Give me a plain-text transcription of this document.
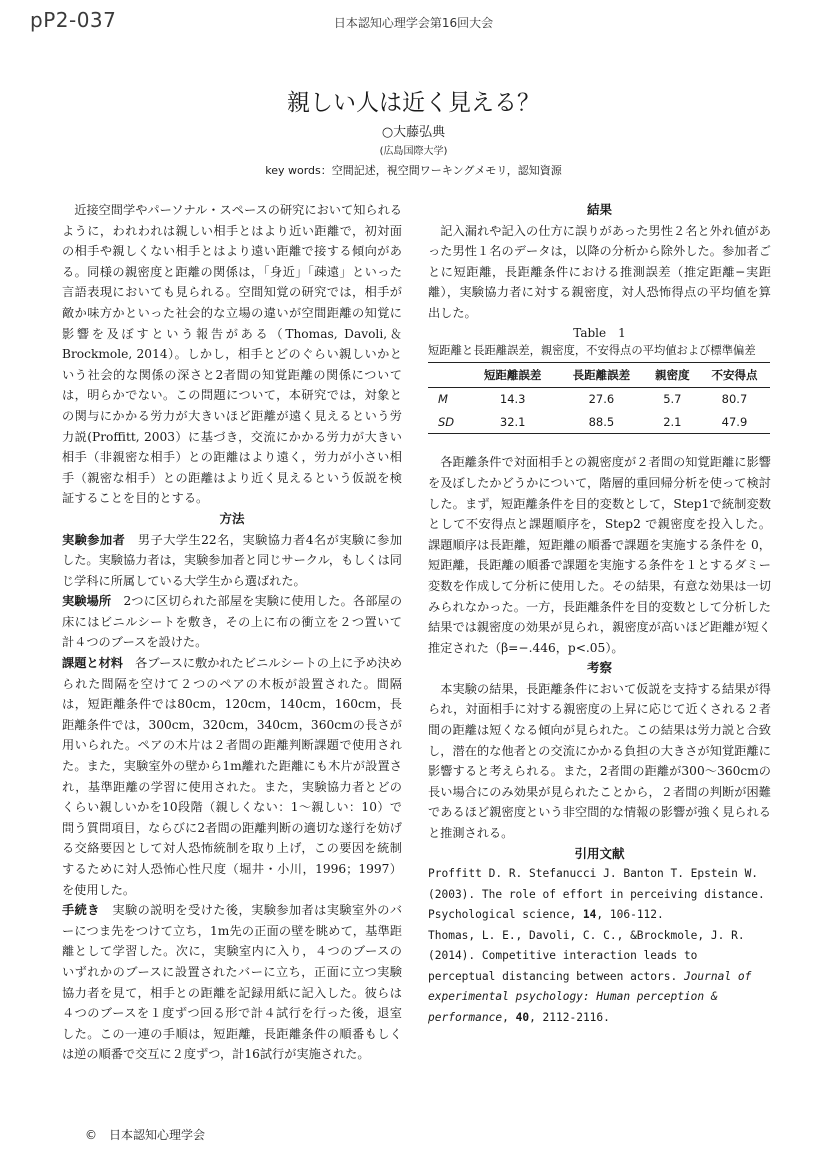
pP2-037	日本認知心理学会第16回大会
親しい人は近く見える？
○大藤弘典
(広島国際大学)
key words：空間記述，視空間ワーキングメモリ，認知資源

近接空間学やパーソナル・スペースの研究において知られるように，われわれは親しい相手とはより近い距離で，初対面の相手や親しくない相手とはより遠い距離で接する傾向がある。同様の親密度と距離の関係は，「身近」「疎遠」といった言語表現においても見られる。空間知覚の研究では，相手が敵か味方かといった社会的な立場の違いが空間距離の知覚に影響を及ぼすという報告がある（Thomas, Davoli,＆Brockmole, 2014）。しかし，相手とどのぐらい親しいかという社会的な関係の深さと2者間の知覚距離の関係については，明らかでない。この問題について，本研究では，対象との関与にかかる労力が大きいほど距離が遠く見えるという労力説(Proffitt, 2003）に基づき，交流にかかる労力が大きい相手（非親密な相手）との距離はより遠く，労力が小さい相手（親密な相手）との距離はより近く見えるという仮説を検証することを目的とする。

方法

実験参加者　男子大学生22名，実験協力者4名が実験に参加した。実験協力者は，実験参加者と同じサークル，もしくは同じ学科に所属している大学生から選ばれた。

実験場所　2つに区切られた部屋を実験に使用した。各部屋の床にはビニルシートを敷き，その上に布の衝立を２つ置いて計４つのブースを設けた。

課題と材料　各ブースに敷かれたビニルシートの上に予め決められた間隔を空けて２つのペアの木板が設置された。間隔は，短距離条件では80cm，120cm，140cm，160cm，長距離条件では，300cm，320cm，340cm，360cmの長さが用いられた。ペアの木片は２者間の距離判断課題で使用された。また，実験室外の壁から1m離れた距離にも木片が設置され，基準距離の学習に使用された。また，実験協力者とどのくらい親しいかを10段階（親しくない：1～親しい：10）で問う質問項目，ならびに2者間の距離判断の適切な遂行を妨げる交絡要因として対人恐怖統制を取り上げ，この要因を統制するために対人恐怖心性尺度（堀井・小川，1996；1997）を使用した。

手続き　実験の説明を受けた後，実験参加者は実験室外のバーにつま先をつけて立ち，1m先の正面の壁を眺めて，基準距離として学習した。次に，実験室内に入り，４つのブースのいずれかのブースに設置されたバーに立ち，正面に立つ実験協力者を見て，相手との距離を記録用紙に記入した。彼らは４つのブースを１度ずつ回る形で計４試行を行った後，退室した。この一連の手順は，短距離，長距離条件の順番もしくは逆の順番で交互に２度ずつ，計16試行が実施された。

結果

記入漏れや記入の仕方に誤りがあった男性２名と外れ値があった男性１名のデータは，以降の分析から除外した。参加者ごとに短距離，長距離条件における推測誤差（推定距離−実距離），実験協力者に対する親密度，対人恐怖得点の平均値を算出した。

Table　1

短距離と長距離誤差，親密度，不安得点の平均値および標準偏差

	短距離誤差	長距離誤差	親密度	不安得点
M	14.3	27.6	5.7	80.7
SD	32.1	88.5	2.1	47.9

各距離条件で対面相手との親密度が２者間の知覚距離に影響を及ぼしたかどうかについて，階層的重回帰分析を使って検討した。まず，短距離条件を目的変数として，Step1で統制変数として不安得点と課題順序を，Step2 で親密度を投入した。課題順序は長距離，短距離の順番で課題を実施する条件を 0，短距離，長距離の順番で課題を実施する条件を１とするダミー変数を作成して分析に使用した。その結果，有意な効果は一切みられなかった。一方，長距離条件を目的変数として分析した結果では親密度の効果が見られ，親密度が高いほど距離が短く推定された（β=−.446，p<.05）。

考察

本実験の結果，長距離条件において仮説を支持する結果が得られ，対面相手に対する親密度の上昇に応じて近くされる２者間の距離は短くなる傾向が見られた。この結果は労力説と合致し，潜在的な他者との交流にかかる負担の大きさが知覚距離に影響すると考えられる。また，2者間の距離が300～360cmの長い場合にのみ効果が見られたことから，２者間の判断が困難であるほど親密度という非空間的な情報の影響が強く見られると推測される。

引用文献

Proffitt D. R. Stefanucci J. Banton T. Epstein W. (2003). The role of effort in perceiving distance. Psychological science, 14, 106-112.

Thomas, L. E., Davoli, C. C., &Brockmole, J. R. (2014). Competitive interaction leads to perceptual distancing between actors. Journal of experimental psychology: Human perception & performance, 40, 2112-2116.

©　日本認知心理学会
